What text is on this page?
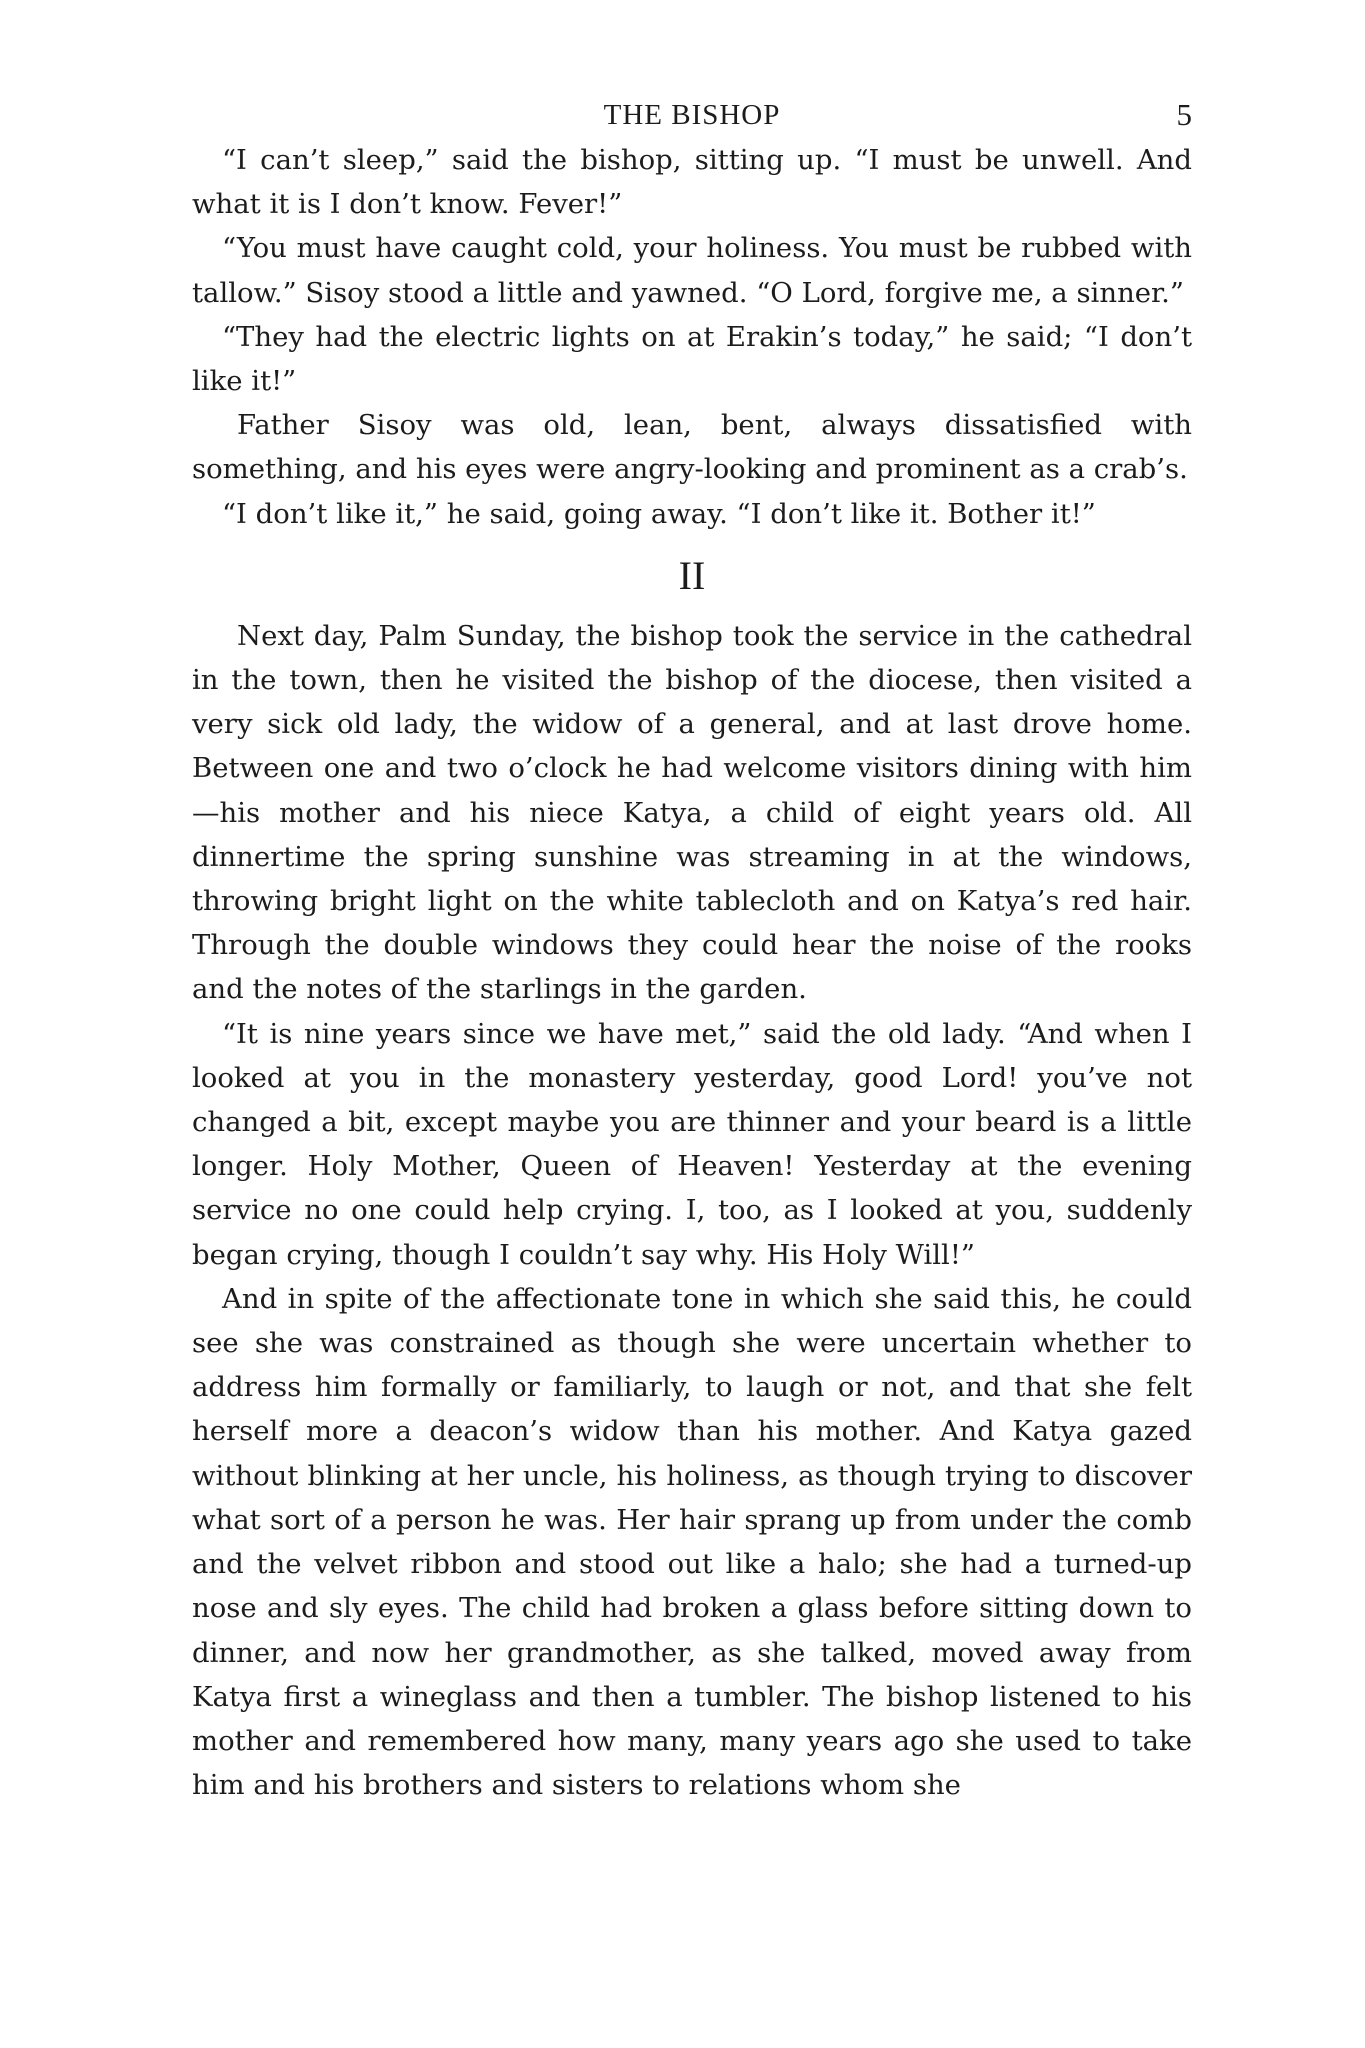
THE BISHOP	5

“I can’t sleep,” said the bishop, sitting up. “I must be unwell. And what it is I don’t know. Fever!”

“You must have caught cold, your holiness. You must be rubbed with tallow.” Sisoy stood a little and yawned. “O Lord, forgive me, a sinner.”

“They had the electric lights on at Erakin’s today,” he said; “I don’t like it!”

Father Sisoy was old, lean, bent, always dissatisfied with something, and his eyes were angry-looking and prominent as a crab’s.

“I don’t like it,” he said, going away. “I don’t like it. Bother it!”

II

Next day, Palm Sunday, the bishop took the service in the cathedral in the town, then he visited the bishop of the diocese, then visited a very sick old lady, the widow of a general, and at last drove home. Between one and two o’clock he had welcome visitors dining with him—his mother and his niece Katya, a child of eight years old. All dinnertime the spring sunshine was streaming in at the windows, throwing bright light on the white tablecloth and on Katya’s red hair. Through the double windows they could hear the noise of the rooks and the notes of the starlings in the garden.

“It is nine years since we have met,” said the old lady. “And when I looked at you in the monastery yesterday, good Lord! you’ve not changed a bit, except maybe you are thinner and your beard is a little longer. Holy Mother, Queen of Heaven! Yesterday at the evening service no one could help crying. I, too, as I looked at you, suddenly began crying, though I couldn’t say why. His Holy Will!”

And in spite of the affectionate tone in which she said this, he could see she was constrained as though she were uncertain whether to address him formally or familiarly, to laugh or not, and that she felt herself more a deacon’s widow than his mother. And Katya gazed without blinking at her uncle, his holiness, as though trying to discover what sort of a person he was. Her hair sprang up from under the comb and the velvet ribbon and stood out like a halo; she had a turned-up nose and sly eyes. The child had broken a glass before sitting down to dinner, and now her grandmother, as she talked, moved away from Katya first a wineglass and then a tumbler. The bishop listened to his mother and remembered how many, many years ago she used to take him and his brothers and sisters to relations whom she
